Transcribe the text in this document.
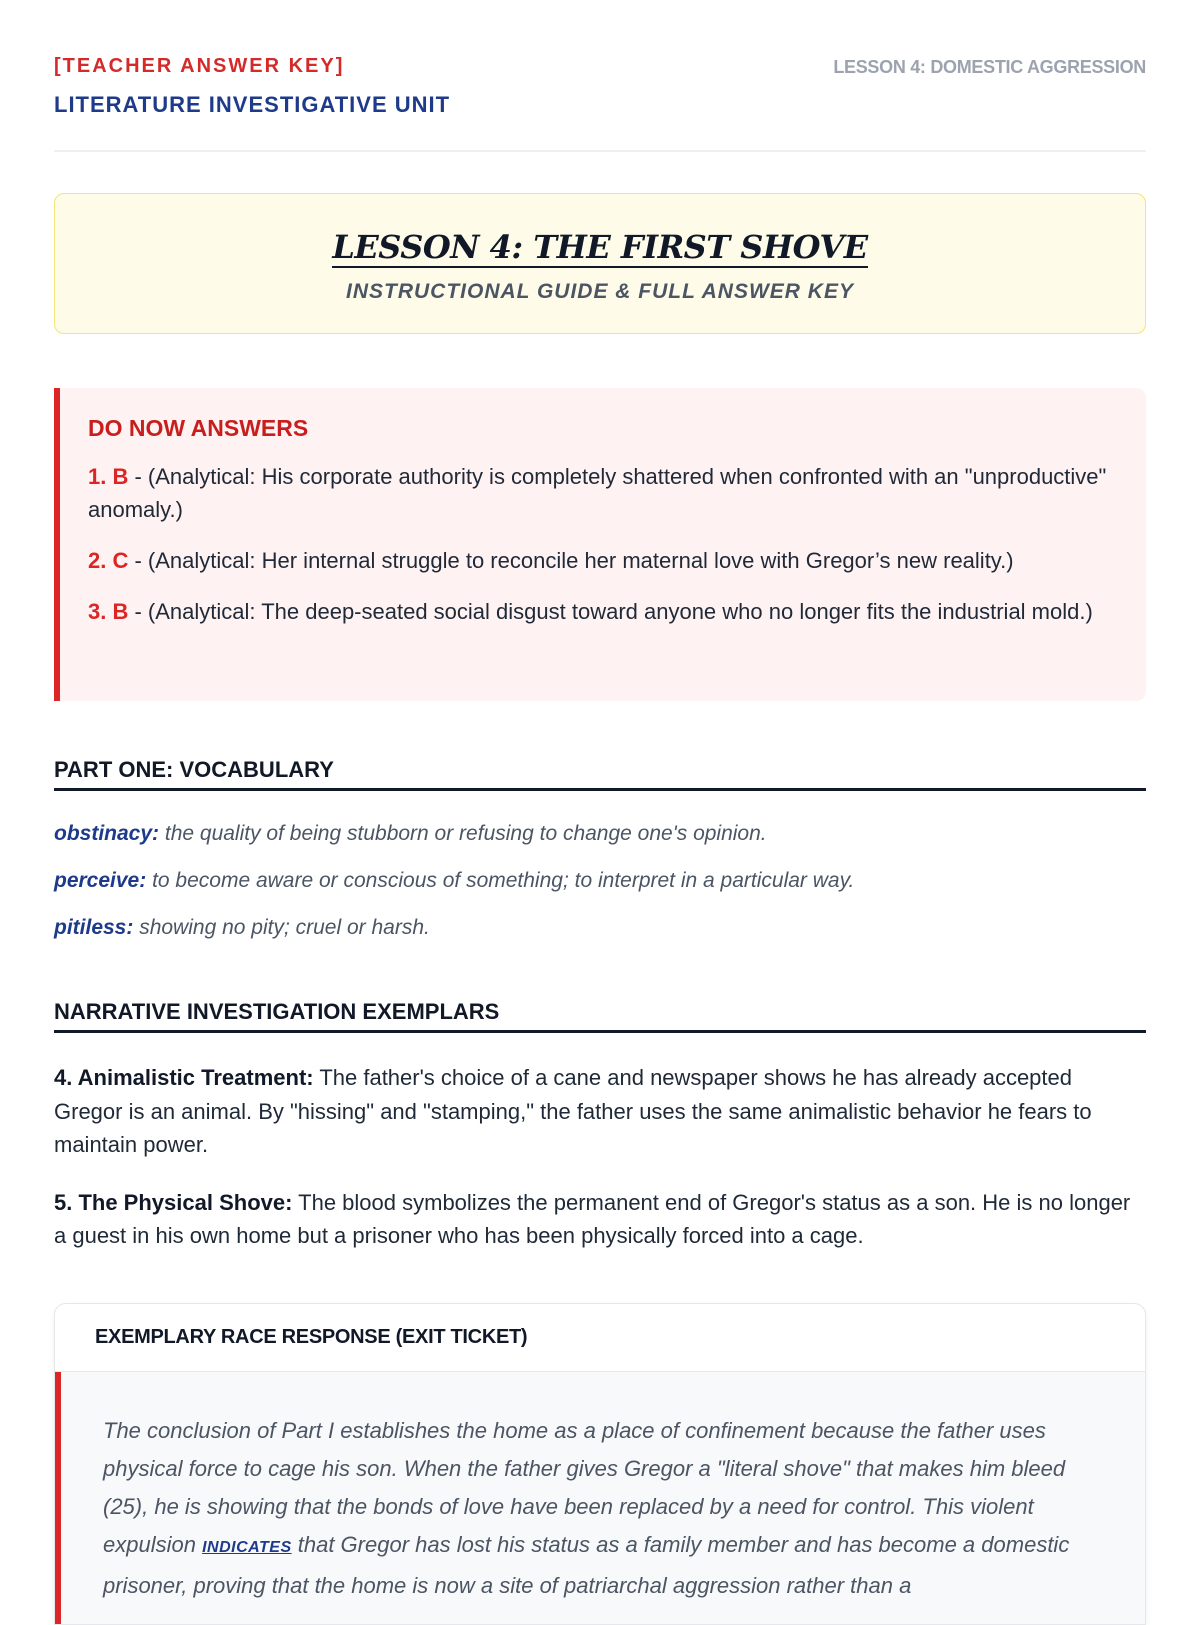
[TEACHER ANSWER KEY]
LITERATURE INVESTIGATIVE UNIT
LESSON 4: DOMESTIC AGGRESSION
LESSON 4: THE FIRST SHOVE
INSTRUCTIONAL GUIDE & FULL ANSWER KEY
DO NOW ANSWERS

1. B - (Analytical: His corporate authority is completely shattered when confronted with an "unproductive" anomaly.)

2. C - (Analytical: Her internal struggle to reconcile her maternal love with Gregor’s new reality.)

3. B - (Analytical: The deep-seated social disgust toward anyone who no longer fits the industrial mold.)

PART ONE: VOCABULARY

obstinacy: the quality of being stubborn or refusing to change one's opinion.

perceive: to become aware or conscious of something; to interpret in a particular way.

pitiless: showing no pity; cruel or harsh.

NARRATIVE INVESTIGATION EXEMPLARS

4. Animalistic Treatment: The father's choice of a cane and newspaper shows he has already accepted Gregor is an animal. By "hissing" and "stamping," the father uses the same animalistic behavior he fears to maintain power.

5. The Physical Shove: The blood symbolizes the permanent end of Gregor's status as a son. He is no longer a guest in his own home but a prisoner who has been physically forced into a cage.

EXEMPLARY RACE RESPONSE (EXIT TICKET)

The conclusion of Part I establishes the home as a place of confinement because the father uses physical force to cage his son. When the father gives Gregor a "literal shove" that makes him bleed (25), he is showing that the bonds of love have been replaced by a need for control. This violent expulsion INDICATES that Gregor has lost his status as a family member and has become a domestic prisoner, proving that the home is now a site of patriarchal aggression rather than a
